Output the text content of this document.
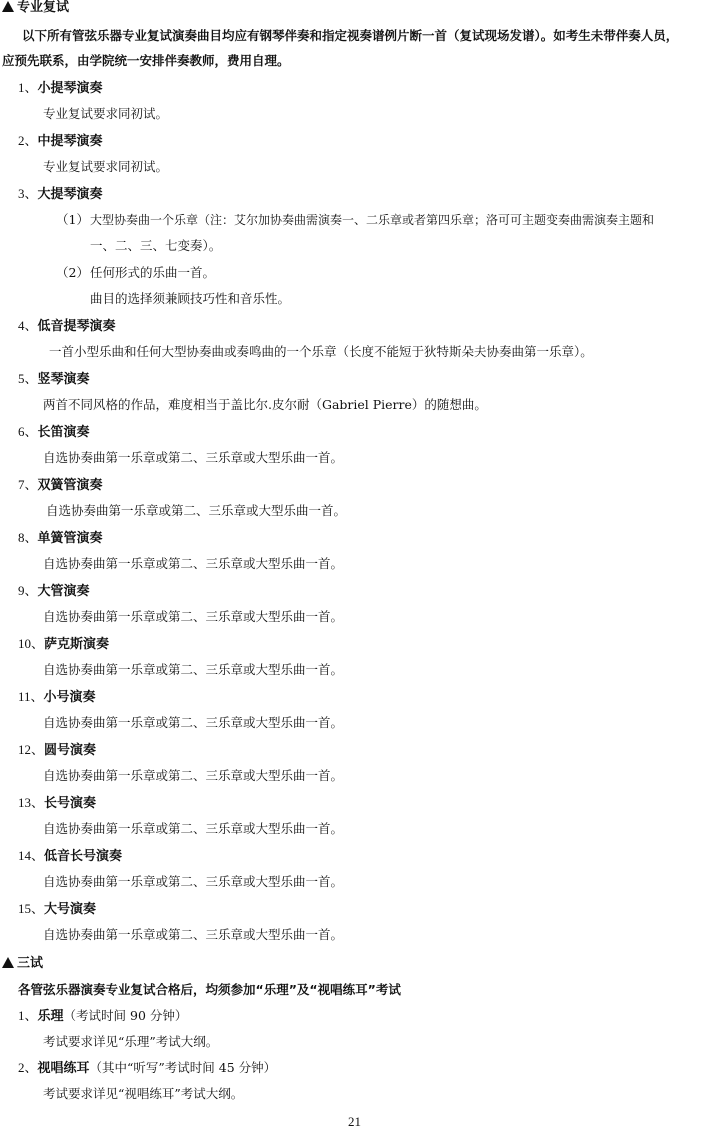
专业复试
以下所有管弦乐器专业复试演奏曲目均应有钢琴伴奏和指定视奏谱例片断一首（复试现场发谱）。如考生未带伴奏人员，
应预先联系，由学院统一安排伴奏教师，费用自理。
1、小提琴演奏
专业复试要求同初试。
2、中提琴演奏
专业复试要求同初试。
3、大提琴演奏
（1） 大型协奏曲一个乐章（注：艾尔加协奏曲需演奏一、二乐章或者第四乐章；洛可可主题变奏曲需演奏主题和
一、二、三、七变奏）。
（2） 任何形式的乐曲一首。
曲目的选择须兼顾技巧性和音乐性。
4、低音提琴演奏
一首小型乐曲和任何大型协奏曲或奏鸣曲的一个乐章（长度不能短于狄特斯朵夫协奏曲第一乐章）。
5、竖琴演奏
两首不同风格的作品，难度相当于盖比尔.皮尔耐（Gabriel Pierre）的随想曲。
6、长笛演奏
自选协奏曲第一乐章或第二、三乐章或大型乐曲一首。
7、双簧管演奏
自选协奏曲第一乐章或第二、三乐章或大型乐曲一首。
8、单簧管演奏
自选协奏曲第一乐章或第二、三乐章或大型乐曲一首。
9、大管演奏
自选协奏曲第一乐章或第二、三乐章或大型乐曲一首。
10、萨克斯演奏
自选协奏曲第一乐章或第二、三乐章或大型乐曲一首。
11、小号演奏
自选协奏曲第一乐章或第二、三乐章或大型乐曲一首。
12、圆号演奏
自选协奏曲第一乐章或第二、三乐章或大型乐曲一首。
13、长号演奏
自选协奏曲第一乐章或第二、三乐章或大型乐曲一首。
14、低音长号演奏
自选协奏曲第一乐章或第二、三乐章或大型乐曲一首。
15、大号演奏
自选协奏曲第一乐章或第二、三乐章或大型乐曲一首。
三试
各管弦乐器演奏专业复试合格后，均须参加“乐理”及“视唱练耳”考试
1、乐理（考试时间 90 分钟）
考试要求详见“乐理”考试大纲。
2、视唱练耳（其中“听写”考试时间 45 分钟）
考试要求详见“视唱练耳”考试大纲。
21
